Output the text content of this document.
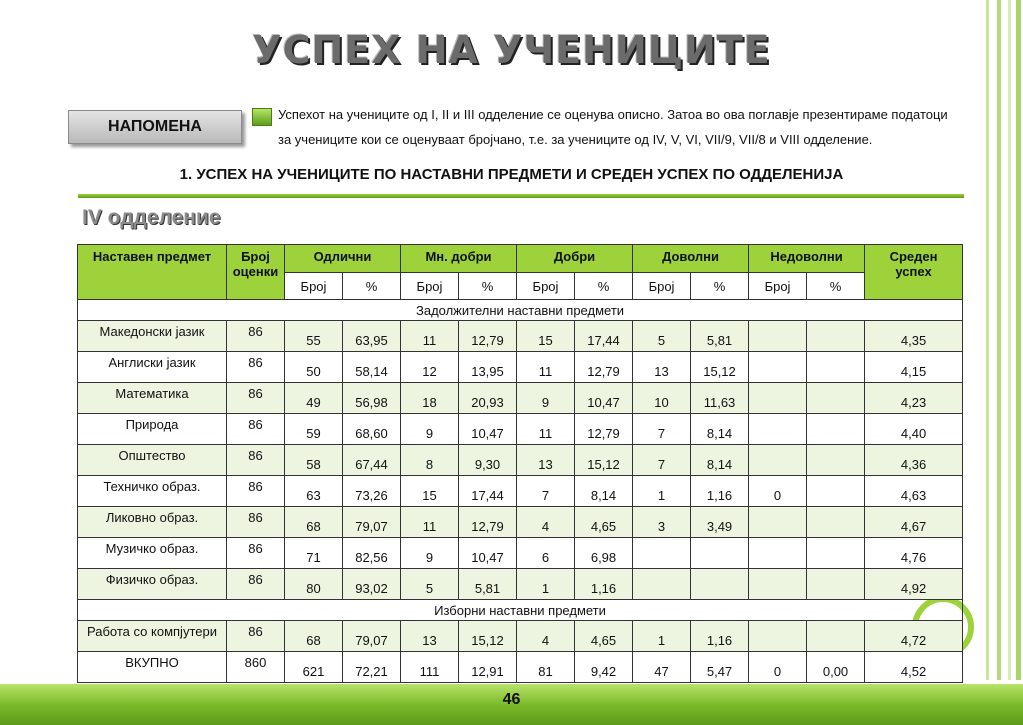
УСПЕХ НА УЧЕНИЦИТЕ
НАПОМЕНА
Успехот на учениците од I, II и III одделение се оценува описно. Затоа во ова поглавје презентираме податоци
за учениците кои се оценуваат бројчано, т.е. за учениците од IV, V, VI, VII/9, VII/8 и VIII одделение.
1. УСПЕХ НА УЧЕНИЦИТЕ ПО НАСТАВНИ ПРЕДМЕТИ И СРЕДЕН УСПЕХ ПО ОДДЕЛЕНИЈА
IV одделение
Наставен предмет	Број
оценки	Одлични		Мн. добри		Добри		Доволни		Недоволни		Среден
успех
		Број	%	Број	%	Број	%	Број	%	Број	%	
Задолжителни наставни предмети												
Македонски јазик	86	55	63,95	11	12,79	15	17,44	5	5,81			4,35
Англиски јазик	86	50	58,14	12	13,95	11	12,79	13	15,12			4,15
Математика	86	49	56,98	18	20,93	9	10,47	10	11,63			4,23
Природа	86	59	68,60	9	10,47	11	12,79	7	8,14			4,40
Општество	86	58	67,44	8	9,30	13	15,12	7	8,14			4,36
Техничко образ.	86	63	73,26	15	17,44	7	8,14	1	1,16	0		4,63
Ликовно образ.	86	68	79,07	11	12,79	4	4,65	3	3,49			4,67
Музичко образ.	86	71	82,56	9	10,47	6	6,98					4,76
Физичко образ.	86	80	93,02	5	5,81	1	1,16					4,92
Изборни наставни предмети												
Работа со компјутери	86	68	79,07	13	15,12	4	4,65	1	1,16			4,72
ВКУПНО	860	621	72,21	111	12,91	81	9,42	47	5,47	0	0,00	4,52
46
